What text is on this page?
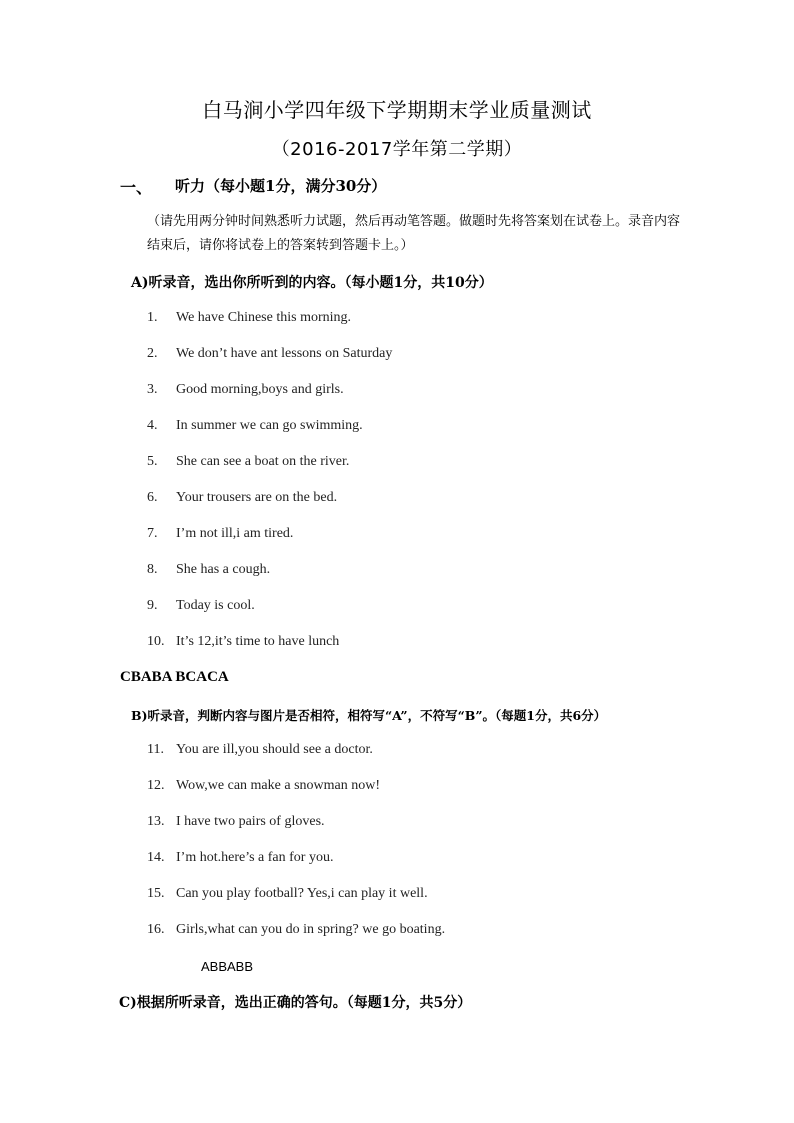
白马涧小学四年级下学期期末学业质量测试
（2016-2017学年第二学期）
一、 听力（每小题1分，满分30分）
（请先用两分钟时间熟悉听力试题，然后再动笔答题。做题时先将答案划在试卷上。录音内容结束后，请你将试卷上的答案转到答题卡上。）
A)听录音，选出你所听到的内容。（每小题1分，共10分）
1. We have Chinese this morning.
2. We don’t have ant lessons on Saturday
3. Good morning,boys and girls.
4. In summer we can go swimming.
5. She can see a boat on the river.
6. Your trousers are on the bed.
7. I’m not ill,i am tired.
8. She has a cough.
9. Today is cool.
10. It’s 12,it’s time to have lunch
CBABA BCACA
B)听录音，判断内容与图片是否相符，相符写“A”，不符写“B”。（每题1分，共6分）
11. You are ill,you should see a doctor.
12. Wow,we can make a snowman now!
13. I have two pairs of gloves.
14. I’m hot.here’s a fan for you.
15. Can you play football? Yes,i can play it well.
16. Girls,what can you do in spring? we go boating.
ABBABB
C)根据所听录音，选出正确的答句。（每题1分，共5分）
